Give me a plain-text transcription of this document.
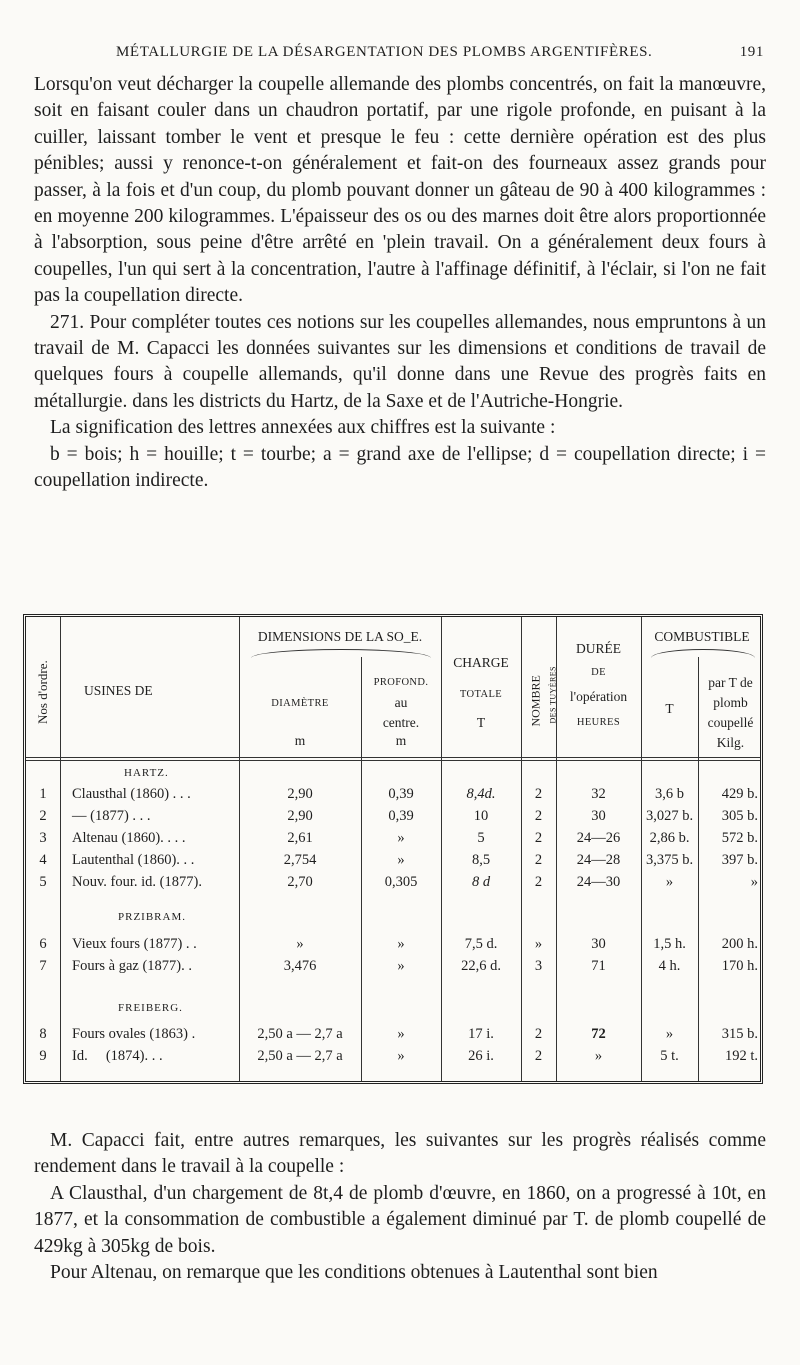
MÉTALLURGIE DE LA DÉSARGENTATION DES PLOMBS ARGENTIFÈRES.	191

Lorsqu'on veut décharger la coupelle allemande des plombs concentrés, on fait la manœuvre, soit en faisant couler dans un chaudron portatif, par une rigole profonde, en puisant à la cuiller, laissant tomber le vent et presque le feu : cette dernière opération est des plus pénibles; aussi y renonce-t-on généralement et fait-on des fourneaux assez grands pour passer, à la fois et d'un coup, du plomb pouvant donner un gâteau de 90 à 400 kilogrammes : en moyenne 200 kilogrammes. L'épaisseur des os ou des marnes doit être alors proportionnée à l'absorption, sous peine d'être arrêté en 'plein travail. On a généralement deux fours à coupelles, l'un qui sert à la concentration, l'autre à l'affinage définitif, à l'éclair, si l'on ne fait pas la coupellation directe.

271. Pour compléter toutes ces notions sur les coupelles allemandes, nous empruntons à un travail de M. Capacci les données suivantes sur les dimensions et conditions de travail de quelques fours à coupelle allemands, qu'il donne dans une Revue des progrès faits en métallurgie. dans les districts du Hartz, de la Saxe et de l'Autriche-Hongrie.

La signification des lettres annexées aux chiffres est la suivante :

b = bois; h = houille; t = tourbe; a = grand axe de l'ellipse; d = coupellation directe; i = coupellation indirecte.

Nos d'ordre.	USINES DE
DIMENSIONS DE LA SO_E.
DIAMÈTRE
m
PROFOND.
au
centre.
m
CHARGE
TOTALE
T	NOMBRE DES TUYÈRES
DURÉE
DE
l'opération
HEURES
COMBUSTIBLE
T
par T de
plomb
coupellé
Kilg.
HARTZ.
PRZIBRAM.
FREIBERG.
1	Clausthal (1860) . . .	2,90	0,39	8,4d.	2	32	3,6 b	429 b.
2	— (1877) . . .	2,90	0,39	10	2	30	3,027 b.	305 b.
3	Altenau (1860). . . .	2,61	»	5	2	24—26	2,86 b.	572 b.
4	Lautenthal (1860). . .	2,754	»	8,5	2	24—28	3,375 b.	397 b.
5	Nouv. four. id. (1877).	2,70	0,305	8 d	2	24—30	»	»
6	Vieux fours (1877) . .	»	»	7,5 d.	»	30	1,5 h.	200 h.
7	Fours à gaz (1877). .	3,476	»	22,6 d.	3	71	4 h.	170 h.
8	Fours ovales (1863) .	2,50 a — 2,7 a	»	17 i.	2	72	»	315 b.
9	Id.     (1874). . .	2,50 a — 2,7 a	»	26 i.	2	»	5 t.	192 t.

M. Capacci fait, entre autres remarques, les suivantes sur les progrès réalisés comme rendement dans le travail à la coupelle :

A Clausthal, d'un chargement de 8t,4 de plomb d'œuvre, en 1860, on a progressé à 10t, en 1877, et la consommation de combustible a également diminué par T. de plomb coupellé de 429kg à 305kg de bois.

Pour Altenau, on remarque que les conditions obtenues à Lautenthal sont bien
